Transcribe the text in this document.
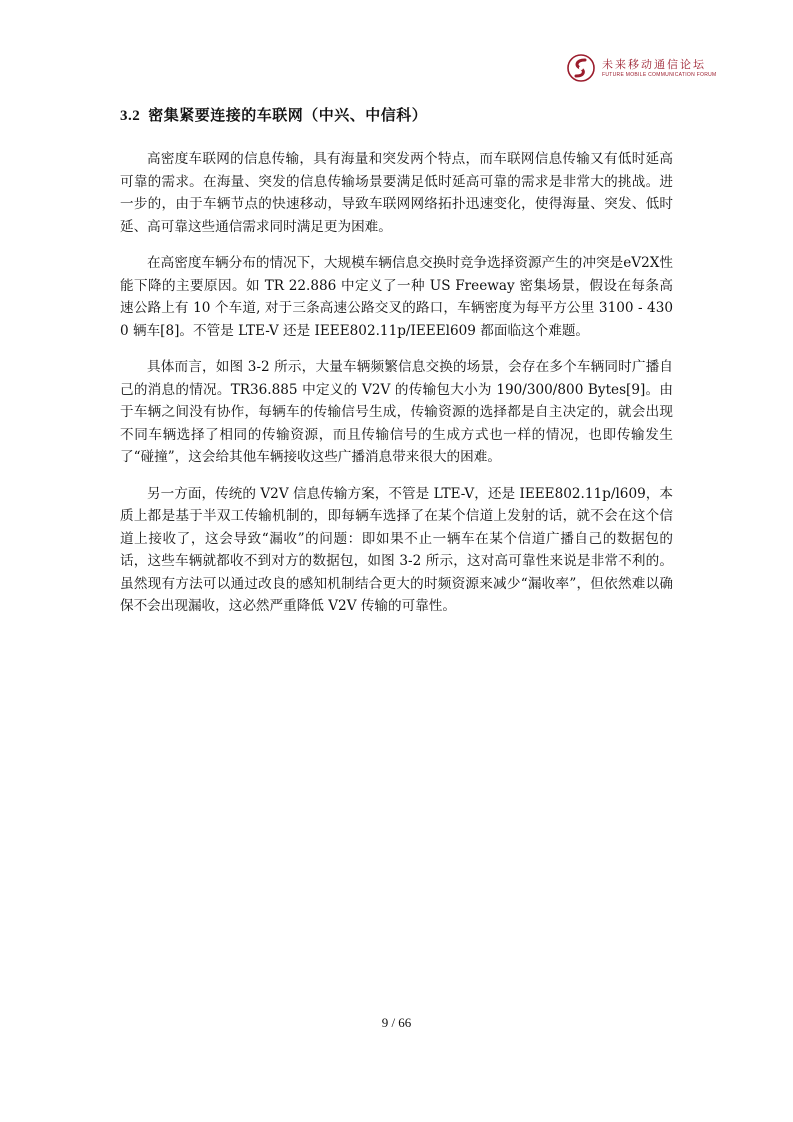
未来移动通信论坛
FUTURE MOBILE COMMUNICATION FORUM
3.2 密集紧要连接的车联网（中兴、中信科）

高密度车联网的信息传输，具有海量和突发两个特点，而车联网信息传输又有低时延高可靠的需求。在海量、突发的信息传输场景要满足低时延高可靠的需求是非常大的挑战。进一步的，由于车辆节点的快速移动，导致车联网网络拓扑迅速变化，使得海量、突发、低时延、高可靠这些通信需求同时满足更为困难。

在高密度车辆分布的情况下，大规模车辆信息交换时竞争选择资源产生的冲突是eV2X性能下降的主要原因。如 TR 22.886 中定义了一种 US Freeway 密集场景，假设在每条高速公路上有 10 个车道, 对于三条高速公路交叉的路口，车辆密度为每平方公里 3100 - 4300 辆车[8]。不管是 LTE-V 还是 IEEE802.11p/IEEEl609 都面临这个难题。

具体而言，如图 3-2 所示，大量车辆频繁信息交换的场景，会存在多个车辆同时广播自己的消息的情况。TR36.885 中定义的 V2V 的传输包大小为 190/300/800 Bytes[9]。由于车辆之间没有协作，每辆车的传输信号生成，传输资源的选择都是自主决定的，就会出现不同车辆选择了相同的传输资源，而且传输信号的生成方式也一样的情况，也即传输发生了“碰撞”，这会给其他车辆接收这些广播消息带来很大的困难。

另一方面，传统的 V2V 信息传输方案，不管是 LTE-V，还是 IEEE802.11p/l609，本质上都是基于半双工传输机制的，即每辆车选择了在某个信道上发射的话，就不会在这个信道上接收了，这会导致“漏收”的问题：即如果不止一辆车在某个信道广播自己的数据包的话，这些车辆就都收不到对方的数据包，如图 3-2 所示，这对高可靠性来说是非常不利的。虽然现有方法可以通过改良的感知机制结合更大的时频资源来减少“漏收率”，但依然难以确保不会出现漏收，这必然严重降低 V2V 传输的可靠性。

9 / 66
